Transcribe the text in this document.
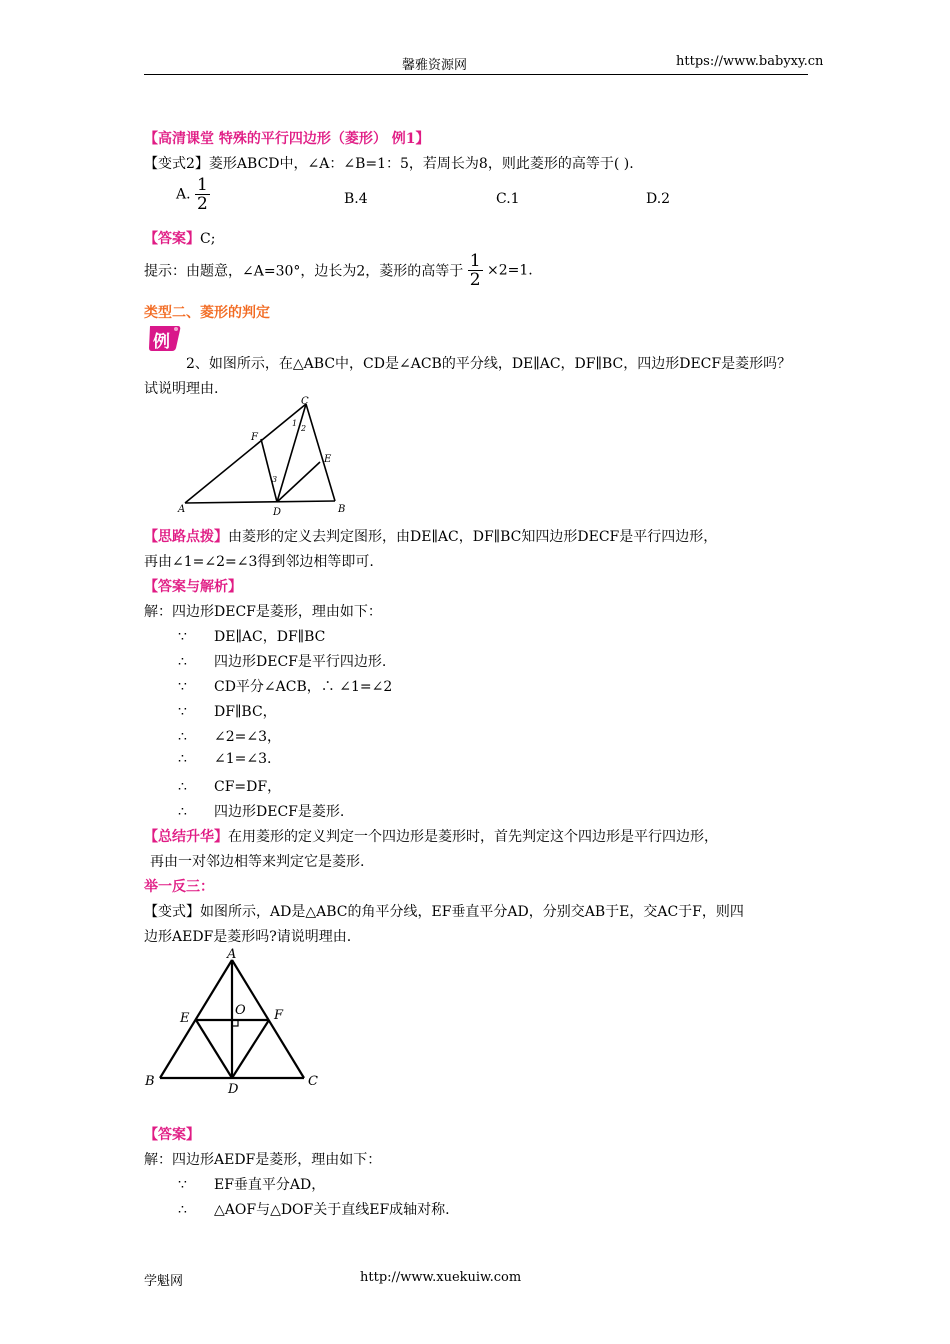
馨雅资源网	https://www.babyxy.cn
【高清课堂 特殊的平行四边形（菱形） 例1】
【变式2】菱形ABCD中，∠A：∠B=1：5，若周长为8，则此菱形的高等于( ).
A. $\frac{1}{2}$	B.4	C.1	D.2
【答案】C;
提示：由题意，∠A=30°，边长为2，菱形的高等于 $\frac{1}{2} \times 2=1$.
类型二、菱形的判定
例
2、如图所示，在△ABC中，CD是∠ACB的平分线，DE∥AC，DF∥BC，四边形DECF是菱形吗？
试说明理由.
A	B
C
D
E
F
1
2
3
【思路点拨】由菱形的定义去判定图形，由DE∥AC，DF∥BC知四边形DECF是平行四边形，
再由∠1=∠2=∠3得到邻边相等即可.
【答案与解析】
解：四边形DECF是菱形，理由如下：
∵ DE∥AC，DF∥BC
∴ 四边形DECF是平行四边形.
∵ CD平分∠ACB，∴ ∠1=∠2
∵ DF∥BC，
∴ ∠2=∠3，
∴ ∠1=∠3.
∴ CF=DF，
∴ 四边形DECF是菱形.
【总结升华】在用菱形的定义判定一个四边形是菱形时，首先判定这个四边形是平行四边形，
再由一对邻边相等来判定它是菱形.
举一反三：
【变式】如图所示，AD是△ABC的角平分线，EF垂直平分AD，分别交AB于E，交AC于F，则四
边形AEDF是菱形吗?请说明理由.
A
B	C
D
E	F
O
【答案】
解：四边形AEDF是菱形，理由如下：
∵ EF垂直平分AD，
∴ △AOF与△DOF关于直线EF成轴对称.
学魁网	http://www.xuekuiw.com
